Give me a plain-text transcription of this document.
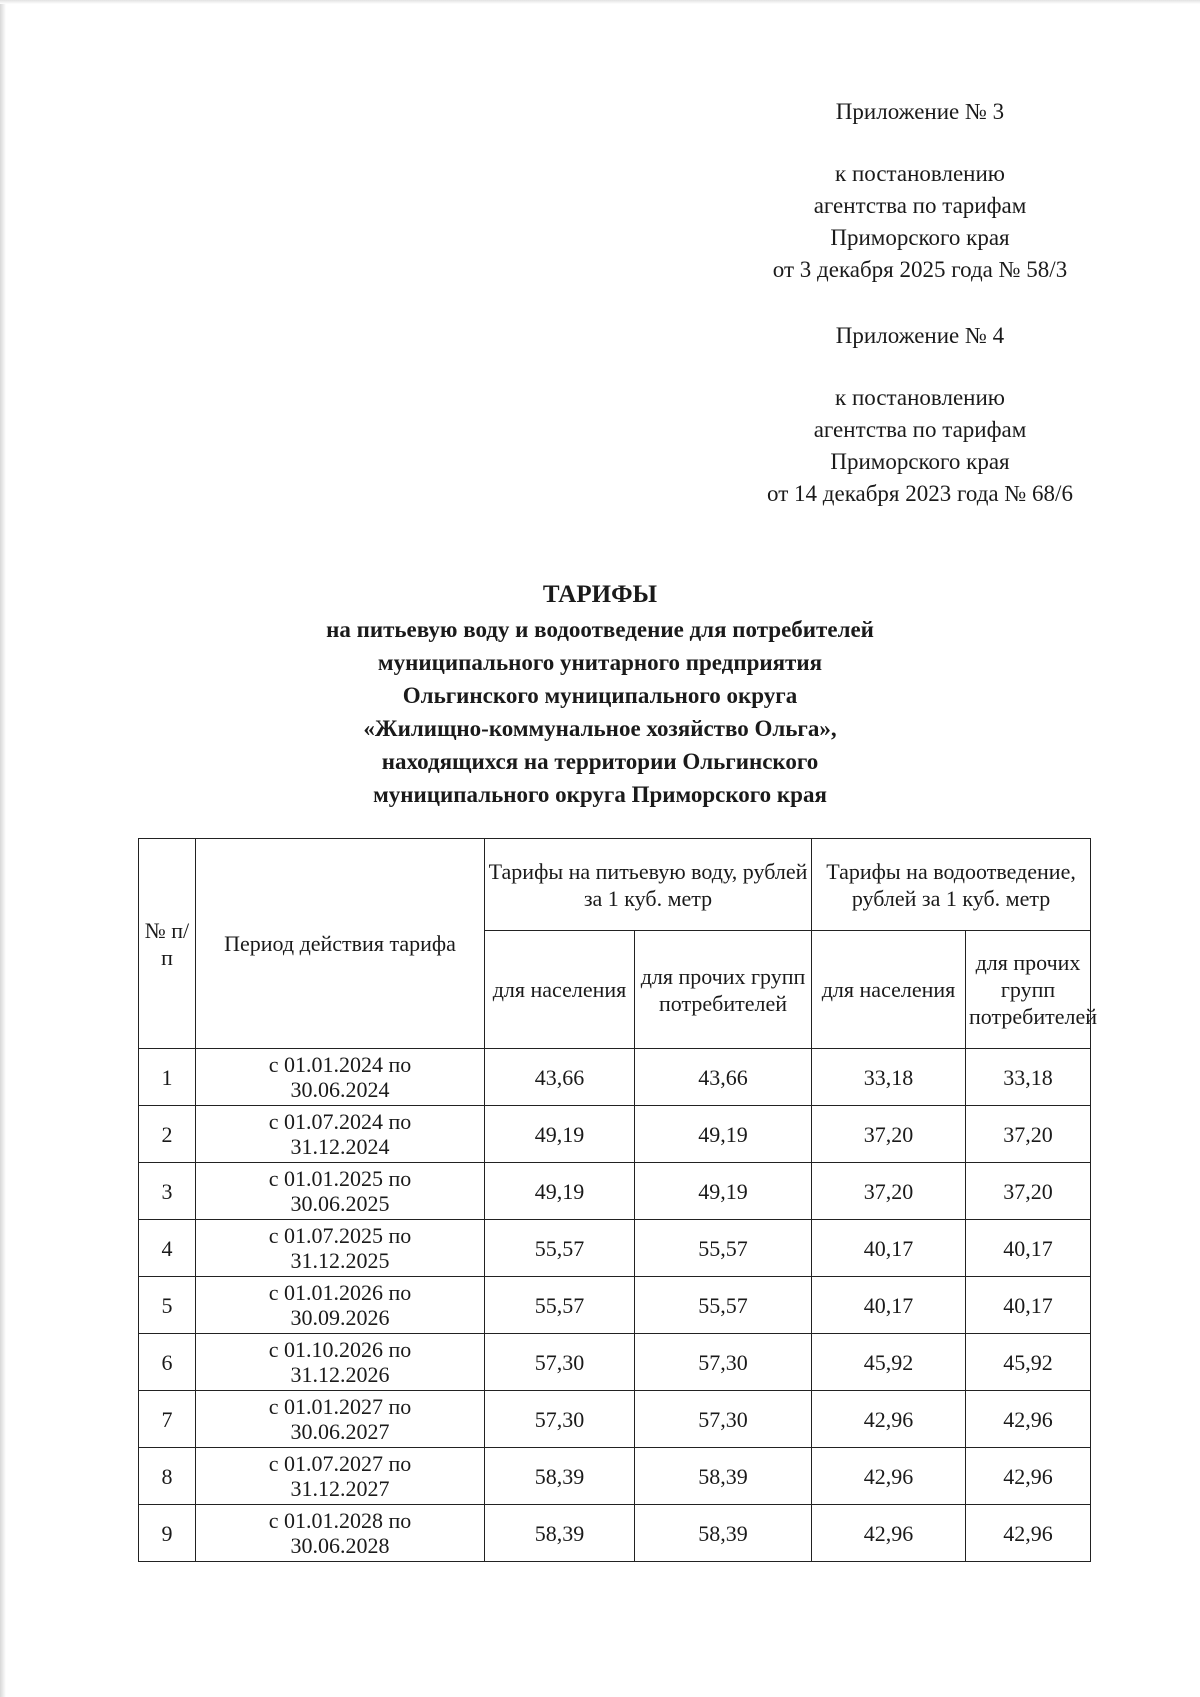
Приложение № 3
к постановлению
агентства по тарифам
Приморского края
от 3 декабря 2025 года № 58/3
Приложение № 4
к постановлению
агентства по тарифам
Приморского края
от 14 декабря 2023 года № 68/6
ТАРИФЫ
на питьевую воду и водоотведение для потребителей
муниципального унитарного предприятия
Ольгинского муниципального округа
«Жилищно-коммунальное хозяйство Ольга»,
находящихся на территории Ольгинского
муниципального округа Приморского края
№ п/п	Период действия тарифа	Тарифы на питьевую воду, рублей за 1 куб. метр		Тарифы на водоотведение, рублей за 1 куб. метр	
		для населения	для прочих групп потребителей	для населения	для прочих групп потребителей
1	с 01.01.2024 по
30.06.2024	43,66	43,66	33,18	33,18
2	с 01.07.2024 по
31.12.2024	49,19	49,19	37,20	37,20
3	с 01.01.2025 по
30.06.2025	49,19	49,19	37,20	37,20
4	с 01.07.2025 по
31.12.2025	55,57	55,57	40,17	40,17
5	с 01.01.2026 по
30.09.2026	55,57	55,57	40,17	40,17
6	с 01.10.2026 по
31.12.2026	57,30	57,30	45,92	45,92
7	с 01.01.2027 по
30.06.2027	57,30	57,30	42,96	42,96
8	с 01.07.2027 по
31.12.2027	58,39	58,39	42,96	42,96
9	с 01.01.2028 по
30.06.2028	58,39	58,39	42,96	42,96
